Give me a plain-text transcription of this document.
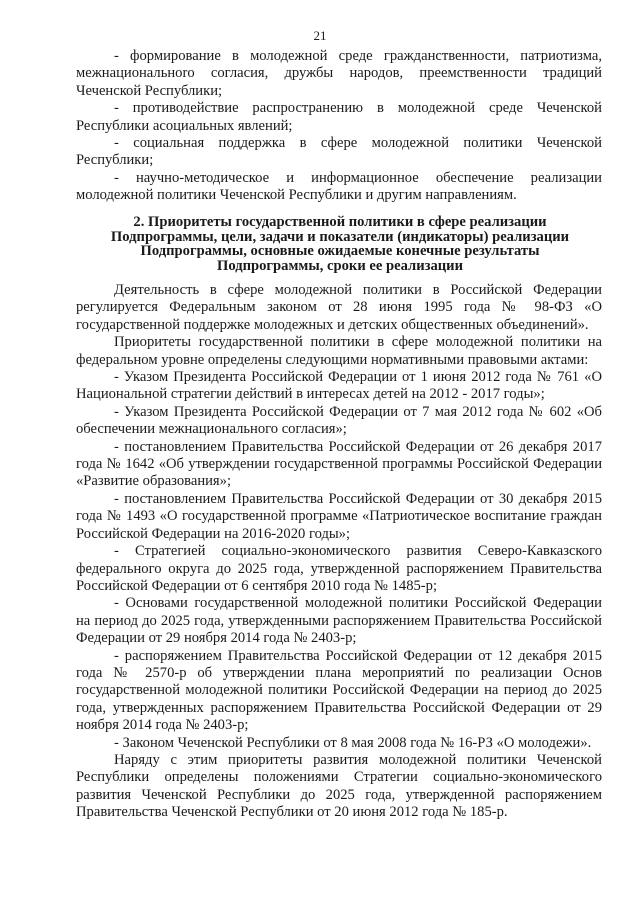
21

- формирование в молодежной среде гражданственности, патриотизма, межнациональноro согласия, дружбы народов, преемственности традиций Чеченской Республики;

- противодействие распространению в молодежной среде Чеченской Республики асоциальных явлений;

- социальная поддержка в сфере молодежной политики Чеченской Республики;

- научно-методическое и информационное обеспечение реализации молодежной политики Чеченской Республики и другим направлениям.

2. Приоритеты государственной политики в сфере реализации
Подпрограммы, цели, задачи и показатели (индикаторы) реализации
Подпрограммы, основные ожидаемые конечные результаты
Подпрограммы, сроки ее реализации

Деятельность в сфере молодежной политики в Российской Федерации регулируется Федеральным законом от 28 июня 1995 года № 98-ФЗ «О государственной поддержке молодежных и детских общественных объединений».

Приоритеты государственной политики в сфере молодежной политики на федеральном уровне определены следующими нормативными правовыми актами:

- Указом Президента Российской Федерации от 1 июня 2012 года № 761 «О Национальной стратегии действий в интересах детей на 2012 - 2017 годы»;

- Указом Президента Российской Федерации от 7 мая 2012 года № 602 «Об обеспечении межнационального согласия»;

- постановлением Правительства Российской Федерации от 26 декабря 2017 года № 1642 «Об утверждении государственной программы Российской Федерации «Развитие образования»;

- постановлением Правительства Российской Федерации от 30 декабря 2015 года № 1493 «О государственной программе «Патриотическое воспитание граждан Российской Федерации на 2016-2020 годы»;

- Стратегией социально-экономического развития Северо-Кавказского федерального округа до 2025 года, утвержденной распоряжением Правительства Российской Федерации от 6 сентября 2010 года № 1485-р;

- Основами государственной молодежной политики Российской Федерации на период до 2025 года, утвержденными распоряжением Правительства Российской Федерации от 29 ноября 2014 года № 2403-р;

- распоряжением Правительства Российской Федерации от 12 декабря 2015 года № 2570-р об утверждении плана мероприятий по реализации Основ государственной молодежной политики Российской Федерации на период до 2025 года, утвержденных распоряжением Правительства Российской Федерации от 29 ноября 2014 года № 2403-р;

- Законом Чеченской Республики от 8 мая 2008 года № 16-РЗ «О молодежи».

Наряду с этим приоритеты развития молодежной политики Чеченской Республики определены положениями Стратегии социально-экономического развития Чеченской Республики до 2025 года, утвержденной распоряжением Правительства Чеченской Республики от 20 июня 2012 года № 185-р.
